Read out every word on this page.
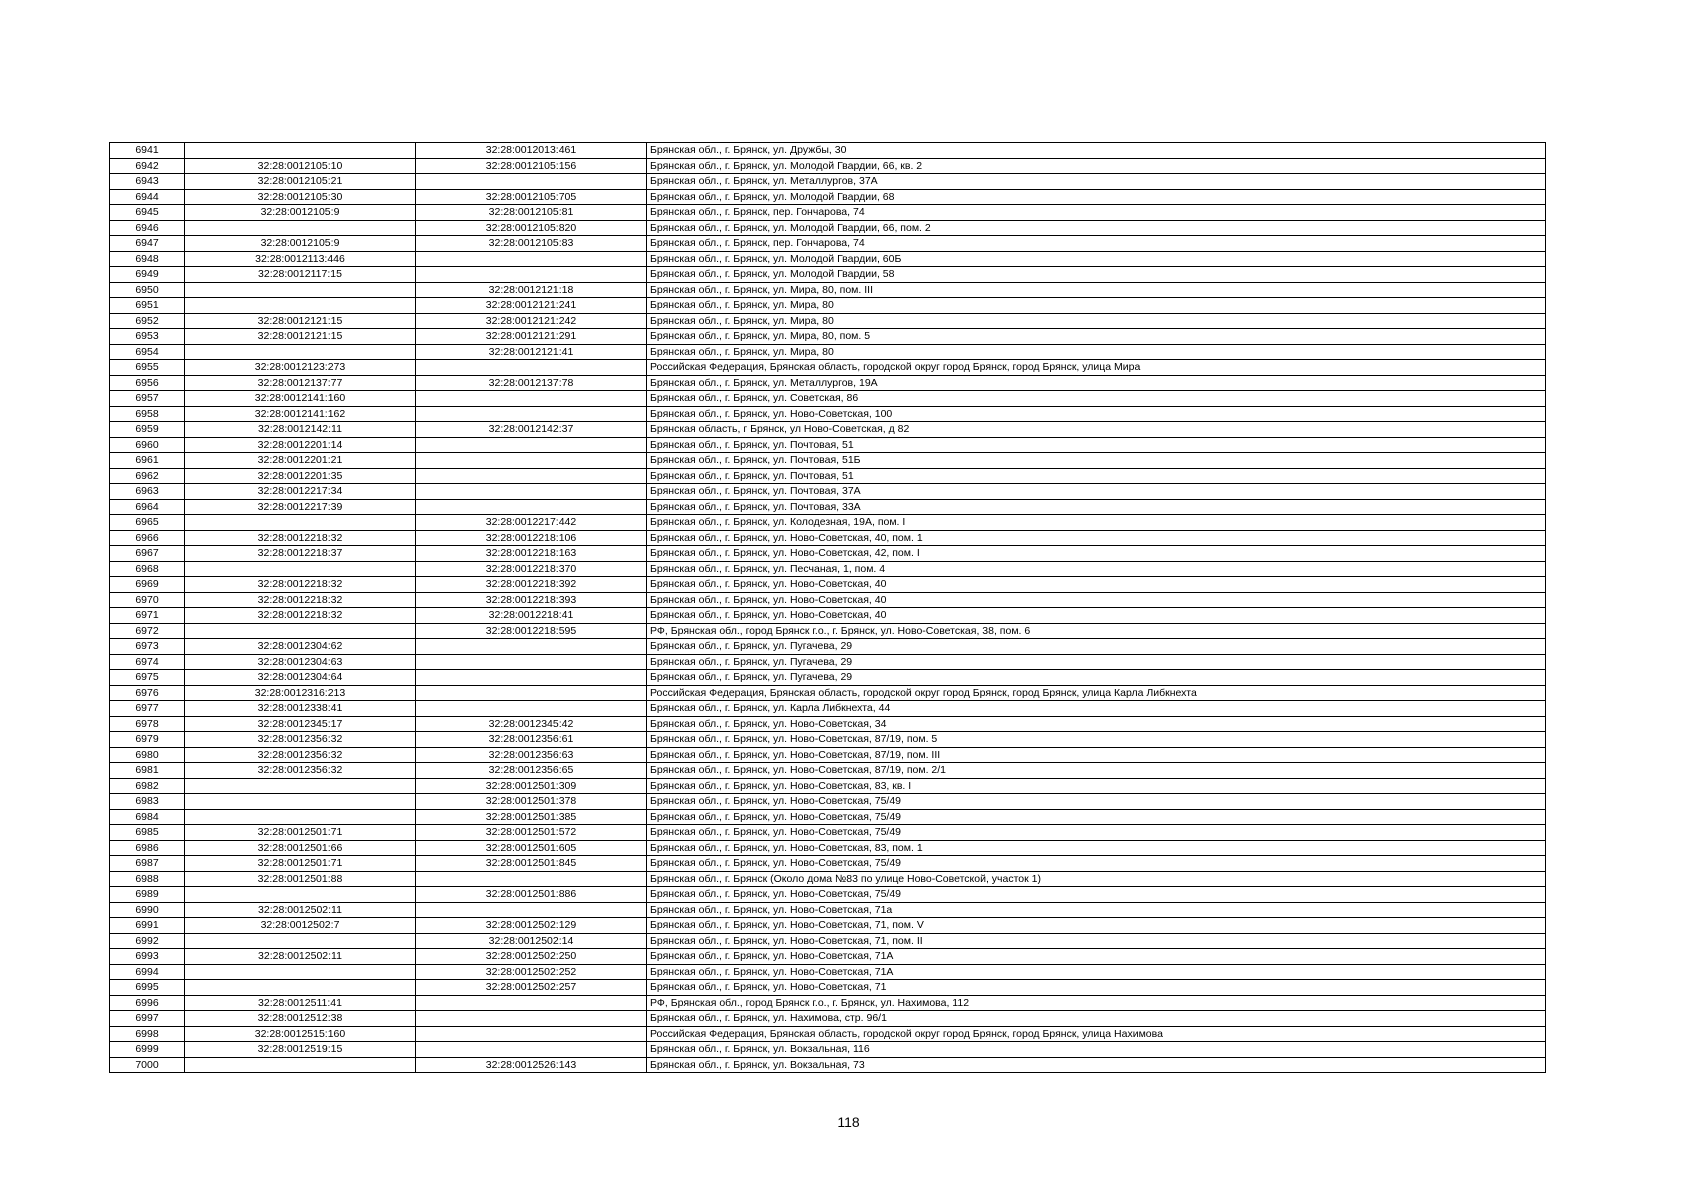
6941		32:28:0012013:461	Брянская обл., г. Брянск, ул. Дружбы, 30
6942	32:28:0012105:10	32:28:0012105:156	Брянская обл., г. Брянск, ул. Молодой Гвардии, 66, кв. 2
6943	32:28:0012105:21		Брянская обл., г. Брянск, ул. Металлургов, 37А
6944	32:28:0012105:30	32:28:0012105:705	Брянская обл., г. Брянск, ул. Молодой Гвардии, 68
6945	32:28:0012105:9	32:28:0012105:81	Брянская обл., г. Брянск, пер. Гончарова, 74
6946		32:28:0012105:820	Брянская обл., г. Брянск, ул. Молодой Гвардии, 66, пом. 2
6947	32:28:0012105:9	32:28:0012105:83	Брянская обл., г. Брянск, пер. Гончарова, 74
6948	32:28:0012113:446		Брянская обл., г. Брянск, ул. Молодой Гвардии, 60Б
6949	32:28:0012117:15		Брянская обл., г. Брянск, ул. Молодой Гвардии, 58
6950		32:28:0012121:18	Брянская обл., г. Брянск, ул. Мира, 80, пом. III
6951		32:28:0012121:241	Брянская обл., г. Брянск, ул. Мира, 80
6952	32:28:0012121:15	32:28:0012121:242	Брянская обл., г. Брянск, ул. Мира, 80
6953	32:28:0012121:15	32:28:0012121:291	Брянская обл., г. Брянск, ул. Мира, 80, пом. 5
6954		32:28:0012121:41	Брянская обл., г. Брянск, ул. Мира, 80
6955	32:28:0012123:273		Российская Федерация, Брянская область, городской округ город Брянск, город Брянск, улица Мира
6956	32:28:0012137:77	32:28:0012137:78	Брянская обл., г. Брянск, ул. Металлургов, 19А
6957	32:28:0012141:160		Брянская обл., г. Брянск, ул. Советская, 86
6958	32:28:0012141:162		Брянская обл., г. Брянск, ул. Ново-Советская, 100
6959	32:28:0012142:11	32:28:0012142:37	Брянская область, г Брянск, ул Ново-Советская, д 82
6960	32:28:0012201:14		Брянская обл., г. Брянск, ул. Почтовая, 51
6961	32:28:0012201:21		Брянская обл., г. Брянск, ул. Почтовая, 51Б
6962	32:28:0012201:35		Брянская обл., г. Брянск, ул. Почтовая, 51
6963	32:28:0012217:34		Брянская обл., г. Брянск, ул. Почтовая, 37А
6964	32:28:0012217:39		Брянская обл., г. Брянск, ул. Почтовая, 33А
6965		32:28:0012217:442	Брянская обл., г. Брянск, ул. Колодезная, 19А, пом. I
6966	32:28:0012218:32	32:28:0012218:106	Брянская обл., г. Брянск, ул. Ново-Советская, 40, пом. 1
6967	32:28:0012218:37	32:28:0012218:163	Брянская обл., г. Брянск, ул. Ново-Советская, 42, пом. I
6968		32:28:0012218:370	Брянская обл., г. Брянск, ул. Песчаная, 1, пом. 4
6969	32:28:0012218:32	32:28:0012218:392	Брянская обл., г. Брянск, ул. Ново-Советская, 40
6970	32:28:0012218:32	32:28:0012218:393	Брянская обл., г. Брянск, ул. Ново-Советская, 40
6971	32:28:0012218:32	32:28:0012218:41	Брянская обл., г. Брянск, ул. Ново-Советская, 40
6972		32:28:0012218:595	РФ, Брянская обл., город Брянск г.о., г. Брянск, ул. Ново-Советская, 38, пом. 6
6973	32:28:0012304:62		Брянская обл., г. Брянск, ул. Пугачева, 29
6974	32:28:0012304:63		Брянская обл., г. Брянск, ул. Пугачева, 29
6975	32:28:0012304:64		Брянская обл., г. Брянск, ул. Пугачева, 29
6976	32:28:0012316:213		Российская Федерация, Брянская область, городской округ город Брянск, город Брянск, улица Карла Либкнехта
6977	32:28:0012338:41		Брянская обл., г. Брянск, ул. Карла Либкнехта, 44
6978	32:28:0012345:17	32:28:0012345:42	Брянская обл., г. Брянск, ул. Ново-Советская, 34
6979	32:28:0012356:32	32:28:0012356:61	Брянская обл., г. Брянск, ул. Ново-Советская, 87/19, пом. 5
6980	32:28:0012356:32	32:28:0012356:63	Брянская обл., г. Брянск, ул. Ново-Советская, 87/19, пом. III
6981	32:28:0012356:32	32:28:0012356:65	Брянская обл., г. Брянск, ул. Ново-Советская, 87/19, пом. 2/1
6982		32:28:0012501:309	Брянская обл., г. Брянск, ул. Ново-Советская, 83, кв. I
6983		32:28:0012501:378	Брянская обл., г. Брянск, ул. Ново-Советская, 75/49
6984		32:28:0012501:385	Брянская обл., г. Брянск, ул. Ново-Советская, 75/49
6985	32:28:0012501:71	32:28:0012501:572	Брянская обл., г. Брянск, ул. Ново-Советская, 75/49
6986	32:28:0012501:66	32:28:0012501:605	Брянская обл., г. Брянск, ул. Ново-Советская, 83, пом. 1
6987	32:28:0012501:71	32:28:0012501:845	Брянская обл., г. Брянск, ул. Ново-Советская, 75/49
6988	32:28:0012501:88		Брянская обл., г. Брянск (Около дома №83 по улице Ново-Советской, участок 1)
6989		32:28:0012501:886	Брянская обл., г. Брянск, ул. Ново-Советская, 75/49
6990	32:28:0012502:11		Брянская обл., г. Брянск, ул. Ново-Советская, 71а
6991	32:28:0012502:7	32:28:0012502:129	Брянская обл., г. Брянск, ул. Ново-Советская, 71, пом. V
6992		32:28:0012502:14	Брянская обл., г. Брянск, ул. Ново-Советская, 71, пом. II
6993	32:28:0012502:11	32:28:0012502:250	Брянская обл., г. Брянск, ул. Ново-Советская, 71А
6994		32:28:0012502:252	Брянская обл., г. Брянск, ул. Ново-Советская, 71А
6995		32:28:0012502:257	Брянская обл., г. Брянск, ул. Ново-Советская, 71
6996	32:28:0012511:41		РФ, Брянская обл., город Брянск г.о., г. Брянск, ул. Нахимова, 112
6997	32:28:0012512:38		Брянская обл., г. Брянск, ул. Нахимова, стр. 96/1
6998	32:28:0012515:160		Российская Федерация, Брянская область, городской округ город Брянск, город Брянск, улица Нахимова
6999	32:28:0012519:15		Брянская обл., г. Брянск, ул. Вокзальная, 116
7000		32:28:0012526:143	Брянская обл., г. Брянск, ул. Вокзальная, 73
118
